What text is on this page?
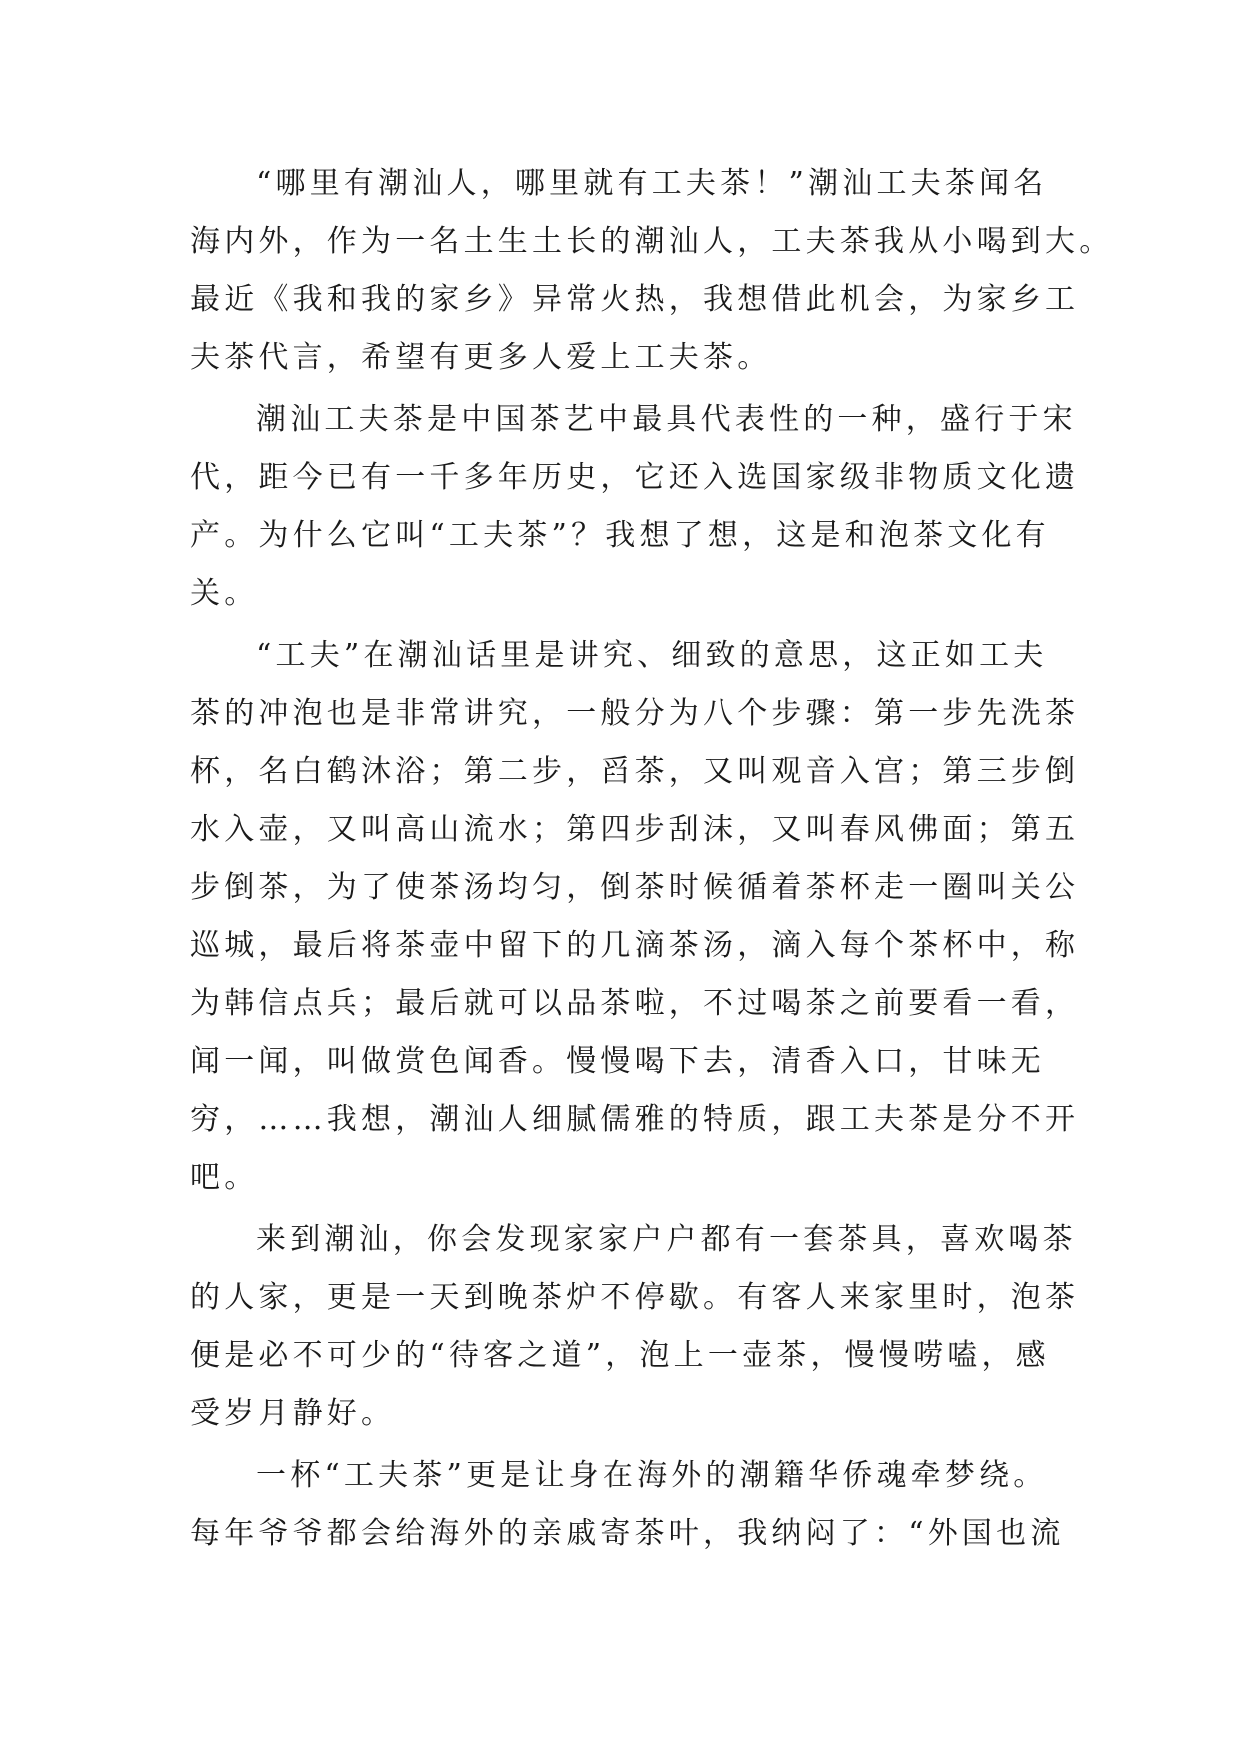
“哪里有潮汕人，哪里就有工夫茶！”潮汕工夫茶闻名
海内外，作为一名土生土长的潮汕人，工夫茶我从小喝到大。
最近《我和我的家乡》异常火热，我想借此机会，为家乡工
夫茶代言，希望有更多人爱上工夫茶。
潮汕工夫茶是中国茶艺中最具代表性的一种，盛行于宋
代，距今已有一千多年历史，它还入选国家级非物质文化遗
产。为什么它叫“工夫茶”？我想了想，这是和泡茶文化有
关。
“工夫”在潮汕话里是讲究、细致的意思，这正如工夫
茶的冲泡也是非常讲究，一般分为八个步骤：第一步先洗茶
杯，名白鹤沐浴；第二步，舀茶，又叫观音入宫；第三步倒
水入壶，又叫高山流水；第四步刮沫，又叫春风佛面；第五
步倒茶，为了使茶汤均匀，倒茶时候循着茶杯走一圈叫关公
巡城，最后将茶壶中留下的几滴茶汤，滴入每个茶杯中，称
为韩信点兵；最后就可以品茶啦，不过喝茶之前要看一看，
闻一闻，叫做赏色闻香。慢慢喝下去，清香入口，甘味无
穷，……我想，潮汕人细腻儒雅的特质，跟工夫茶是分不开
吧。
来到潮汕，你会发现家家户户都有一套茶具，喜欢喝茶
的人家，更是一天到晚茶炉不停歇。有客人来家里时，泡茶
便是必不可少的“待客之道”，泡上一壶茶，慢慢唠嗑，感
受岁月静好。
一杯“工夫茶”更是让身在海外的潮籍华侨魂牵梦绕。
每年爷爷都会给海外的亲戚寄茶叶，我纳闷了：“外国也流
